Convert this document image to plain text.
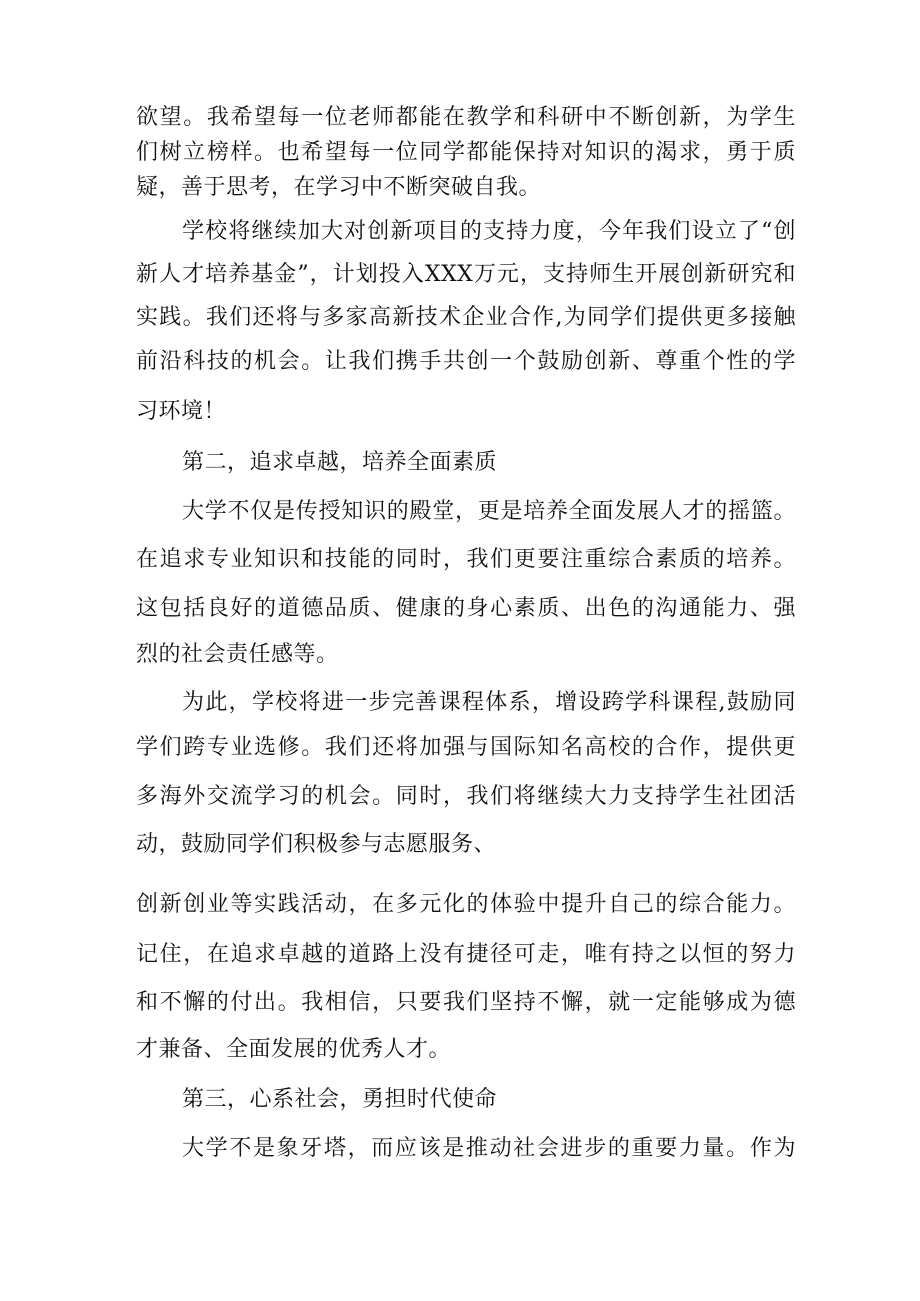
欲望。我希望每一位老师都能在教学和科研中不断创新，为学生
们树立榜样。也希望每一位同学都能保持对知识的渴求，勇于质
疑，善于思考，在学习中不断突破自我。
学校将继续加大对创新项目的支持力度，今年我们设立了“创
新人才培养基金”，计划投入XXX万元，支持师生开展创新研究和
实践。我们还将与多家高新技术企业合作,为同学们提供更多接触
前沿科技的机会。让我们携手共创一个鼓励创新、尊重个性的学
习环境！
第二，追求卓越，培养全面素质
大学不仅是传授知识的殿堂，更是培养全面发展人才的摇篮。
在追求专业知识和技能的同时，我们更要注重综合素质的培养。
这包括良好的道德品质、健康的身心素质、出色的沟通能力、强
烈的社会责任感等。
为此，学校将进一步完善课程体系，增设跨学科课程,鼓励同
学们跨专业选修。我们还将加强与国际知名高校的合作，提供更
多海外交流学习的机会。同时，我们将继续大力支持学生社团活
动，鼓励同学们积极参与志愿服务、
创新创业等实践活动，在多元化的体验中提升自己的综合能力。
记住，在追求卓越的道路上没有捷径可走，唯有持之以恒的努力
和不懈的付出。我相信，只要我们坚持不懈，就一定能够成为德
才兼备、全面发展的优秀人才。
第三，心系社会，勇担时代使命
大学不是象牙塔，而应该是推动社会进步的重要力量。作为
